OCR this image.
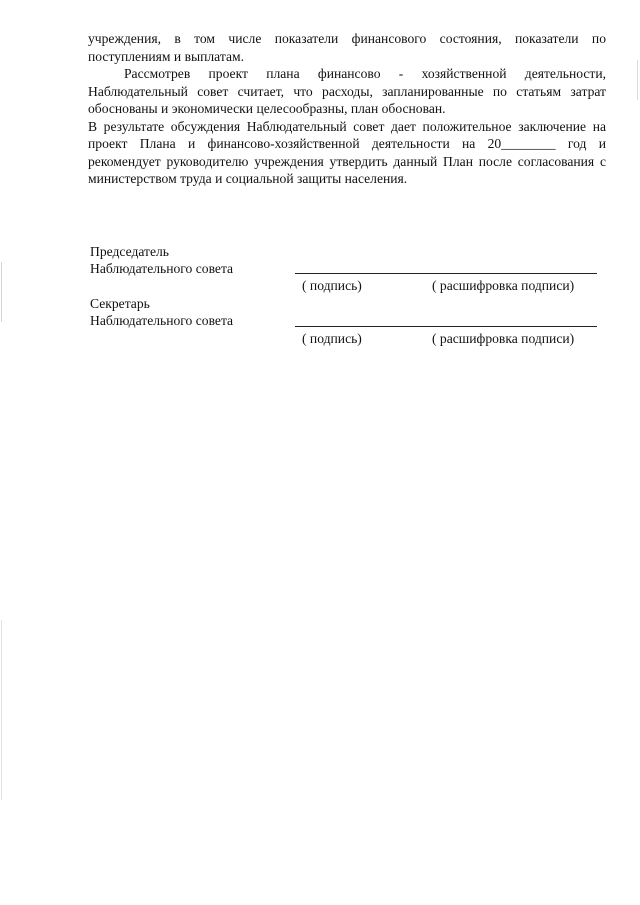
учреждения, в том числе показатели финансового состояния, показатели по поступлениям и выплатам.

Рассмотрев проект плана финансово - хозяйственной деятельности, Наблюдательный совет считает, что расходы, запланированные по статьям затрат обоснованы и экономически целесообразны, план обоснован.

В результате обсуждения Наблюдательный совет дает положительное заключение на проект Плана и финансово-хозяйственной деятельности на 20________ год и рекомендует руководителю учреждения утвердить данный План после согласования с министерством труда и социальной защиты населения.

Председатель
Наблюдательного совета
( подпись)	( расшифровка подписи)
Секретарь
Наблюдательного совета
( подпись)	( расшифровка подписи)
